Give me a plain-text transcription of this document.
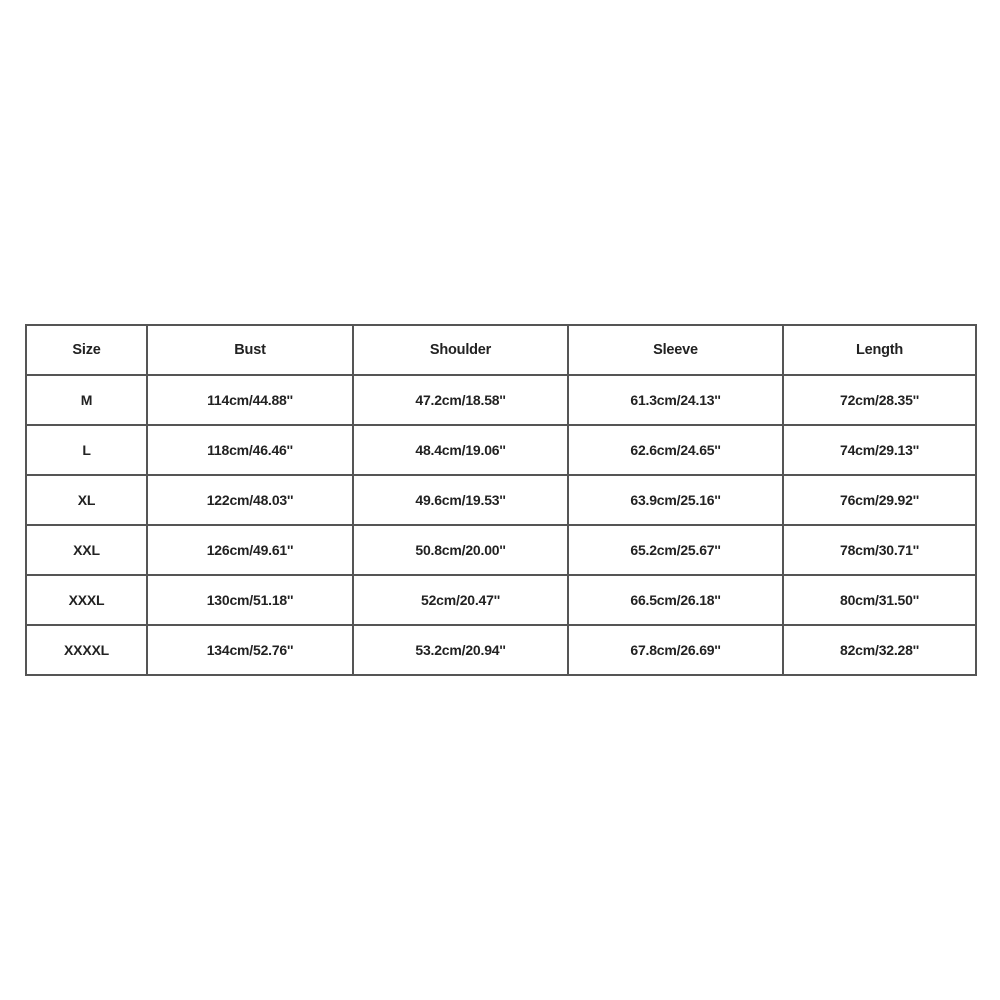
Size	Bust	Shoulder	Sleeve	Length
M	114cm/44.88''	47.2cm/18.58''	61.3cm/24.13''	72cm/28.35''
L	118cm/46.46''	48.4cm/19.06''	62.6cm/24.65''	74cm/29.13''
XL	122cm/48.03''	49.6cm/19.53''	63.9cm/25.16''	76cm/29.92''
XXL	126cm/49.61''	50.8cm/20.00''	65.2cm/25.67''	78cm/30.71''
XXXL	130cm/51.18''	52cm/20.47''	66.5cm/26.18''	80cm/31.50''
XXXXL	134cm/52.76''	53.2cm/20.94''	67.8cm/26.69''	82cm/32.28''
